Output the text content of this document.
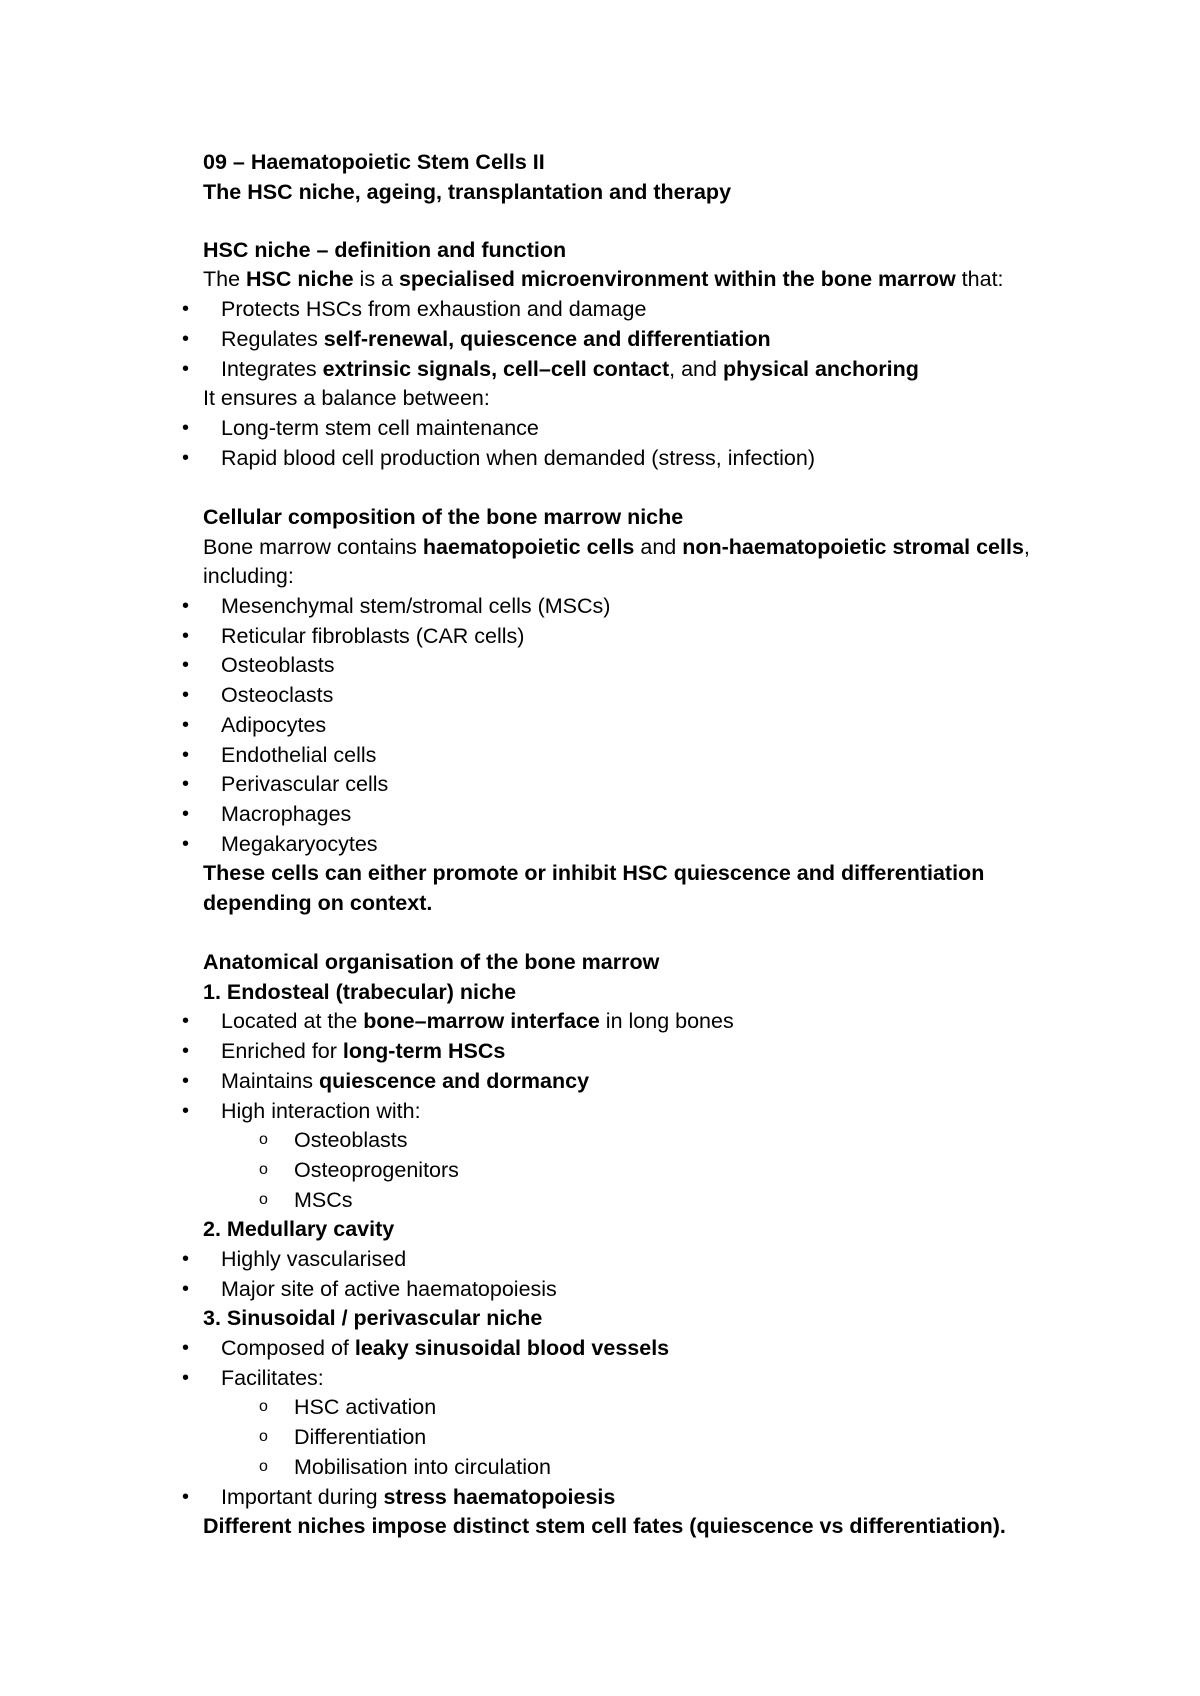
09 – Haematopoietic Stem Cells II
The HSC niche, ageing, transplantation and therapy
HSC niche – definition and function
The HSC niche is a specialised microenvironment within the bone marrow that:
• Protects HSCs from exhaustion and damage
• Regulates self-renewal, quiescence and differentiation
• Integrates extrinsic signals, cell–cell contact, and physical anchoring
It ensures a balance between:
• Long-term stem cell maintenance
• Rapid blood cell production when demanded (stress, infection)
Cellular composition of the bone marrow niche
Bone marrow contains haematopoietic cells and non-haematopoietic stromal cells,
including:
• Mesenchymal stem/stromal cells (MSCs)
• Reticular fibroblasts (CAR cells)
• Osteoblasts
• Osteoclasts
• Adipocytes
• Endothelial cells
• Perivascular cells
• Macrophages
• Megakaryocytes
These cells can either promote or inhibit HSC quiescence and differentiation
depending on context.
Anatomical organisation of the bone marrow
1. Endosteal (trabecular) niche
• Located at the bone–marrow interface in long bones
• Enriched for long-term HSCs
• Maintains quiescence and dormancy
• High interaction with:
o Osteoblasts
o Osteoprogenitors
o MSCs
2. Medullary cavity
• Highly vascularised
• Major site of active haematopoiesis
3. Sinusoidal / perivascular niche
• Composed of leaky sinusoidal blood vessels
• Facilitates:
o HSC activation
o Differentiation
o Mobilisation into circulation
• Important during stress haematopoiesis
Different niches impose distinct stem cell fates (quiescence vs differentiation).
